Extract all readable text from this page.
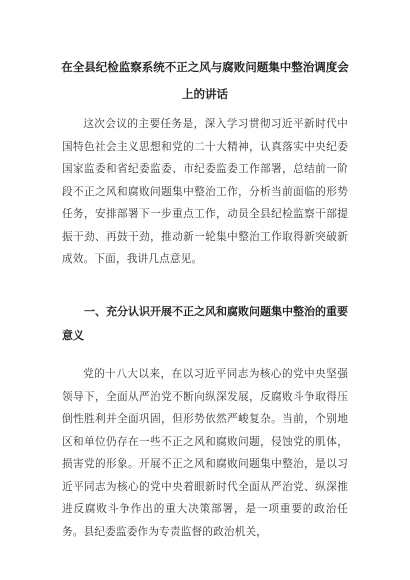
在全县纪检监察系统不正之风与腐败问题集中整治调度会上的讲话

这次会议的主要任务是，深入学习贯彻习近平新时代中国特色社会主义思想和党的二十大精神，认真落实中央纪委国家监委和省纪委监委、市纪委监委工作部署，总结前一阶段不正之风和腐败问题集中整治工作，分析当前面临的形势任务，安排部署下一步重点工作，动员全县纪检监察干部提振干劲、再鼓干劲，推动新一轮集中整治工作取得新突破新成效。下面，我讲几点意见。

一、充分认识开展不正之风和腐败问题集中整治的重要意义

党的十八大以来，在以习近平同志为核心的党中央坚强领导下，全面从严治党不断向纵深发展，反腐败斗争取得压倒性胜利并全面巩固，但形势依然严峻复杂。当前，个别地区和单位仍存在一些不正之风和腐败问题，侵蚀党的肌体，损害党的形象。开展不正之风和腐败问题集中整治，是以习近平同志为核心的党中央着眼新时代全面从严治党、纵深推进反腐败斗争作出的重大决策部署，是一项重要的政治任务。县纪委监委作为专责监督的政治机关，
